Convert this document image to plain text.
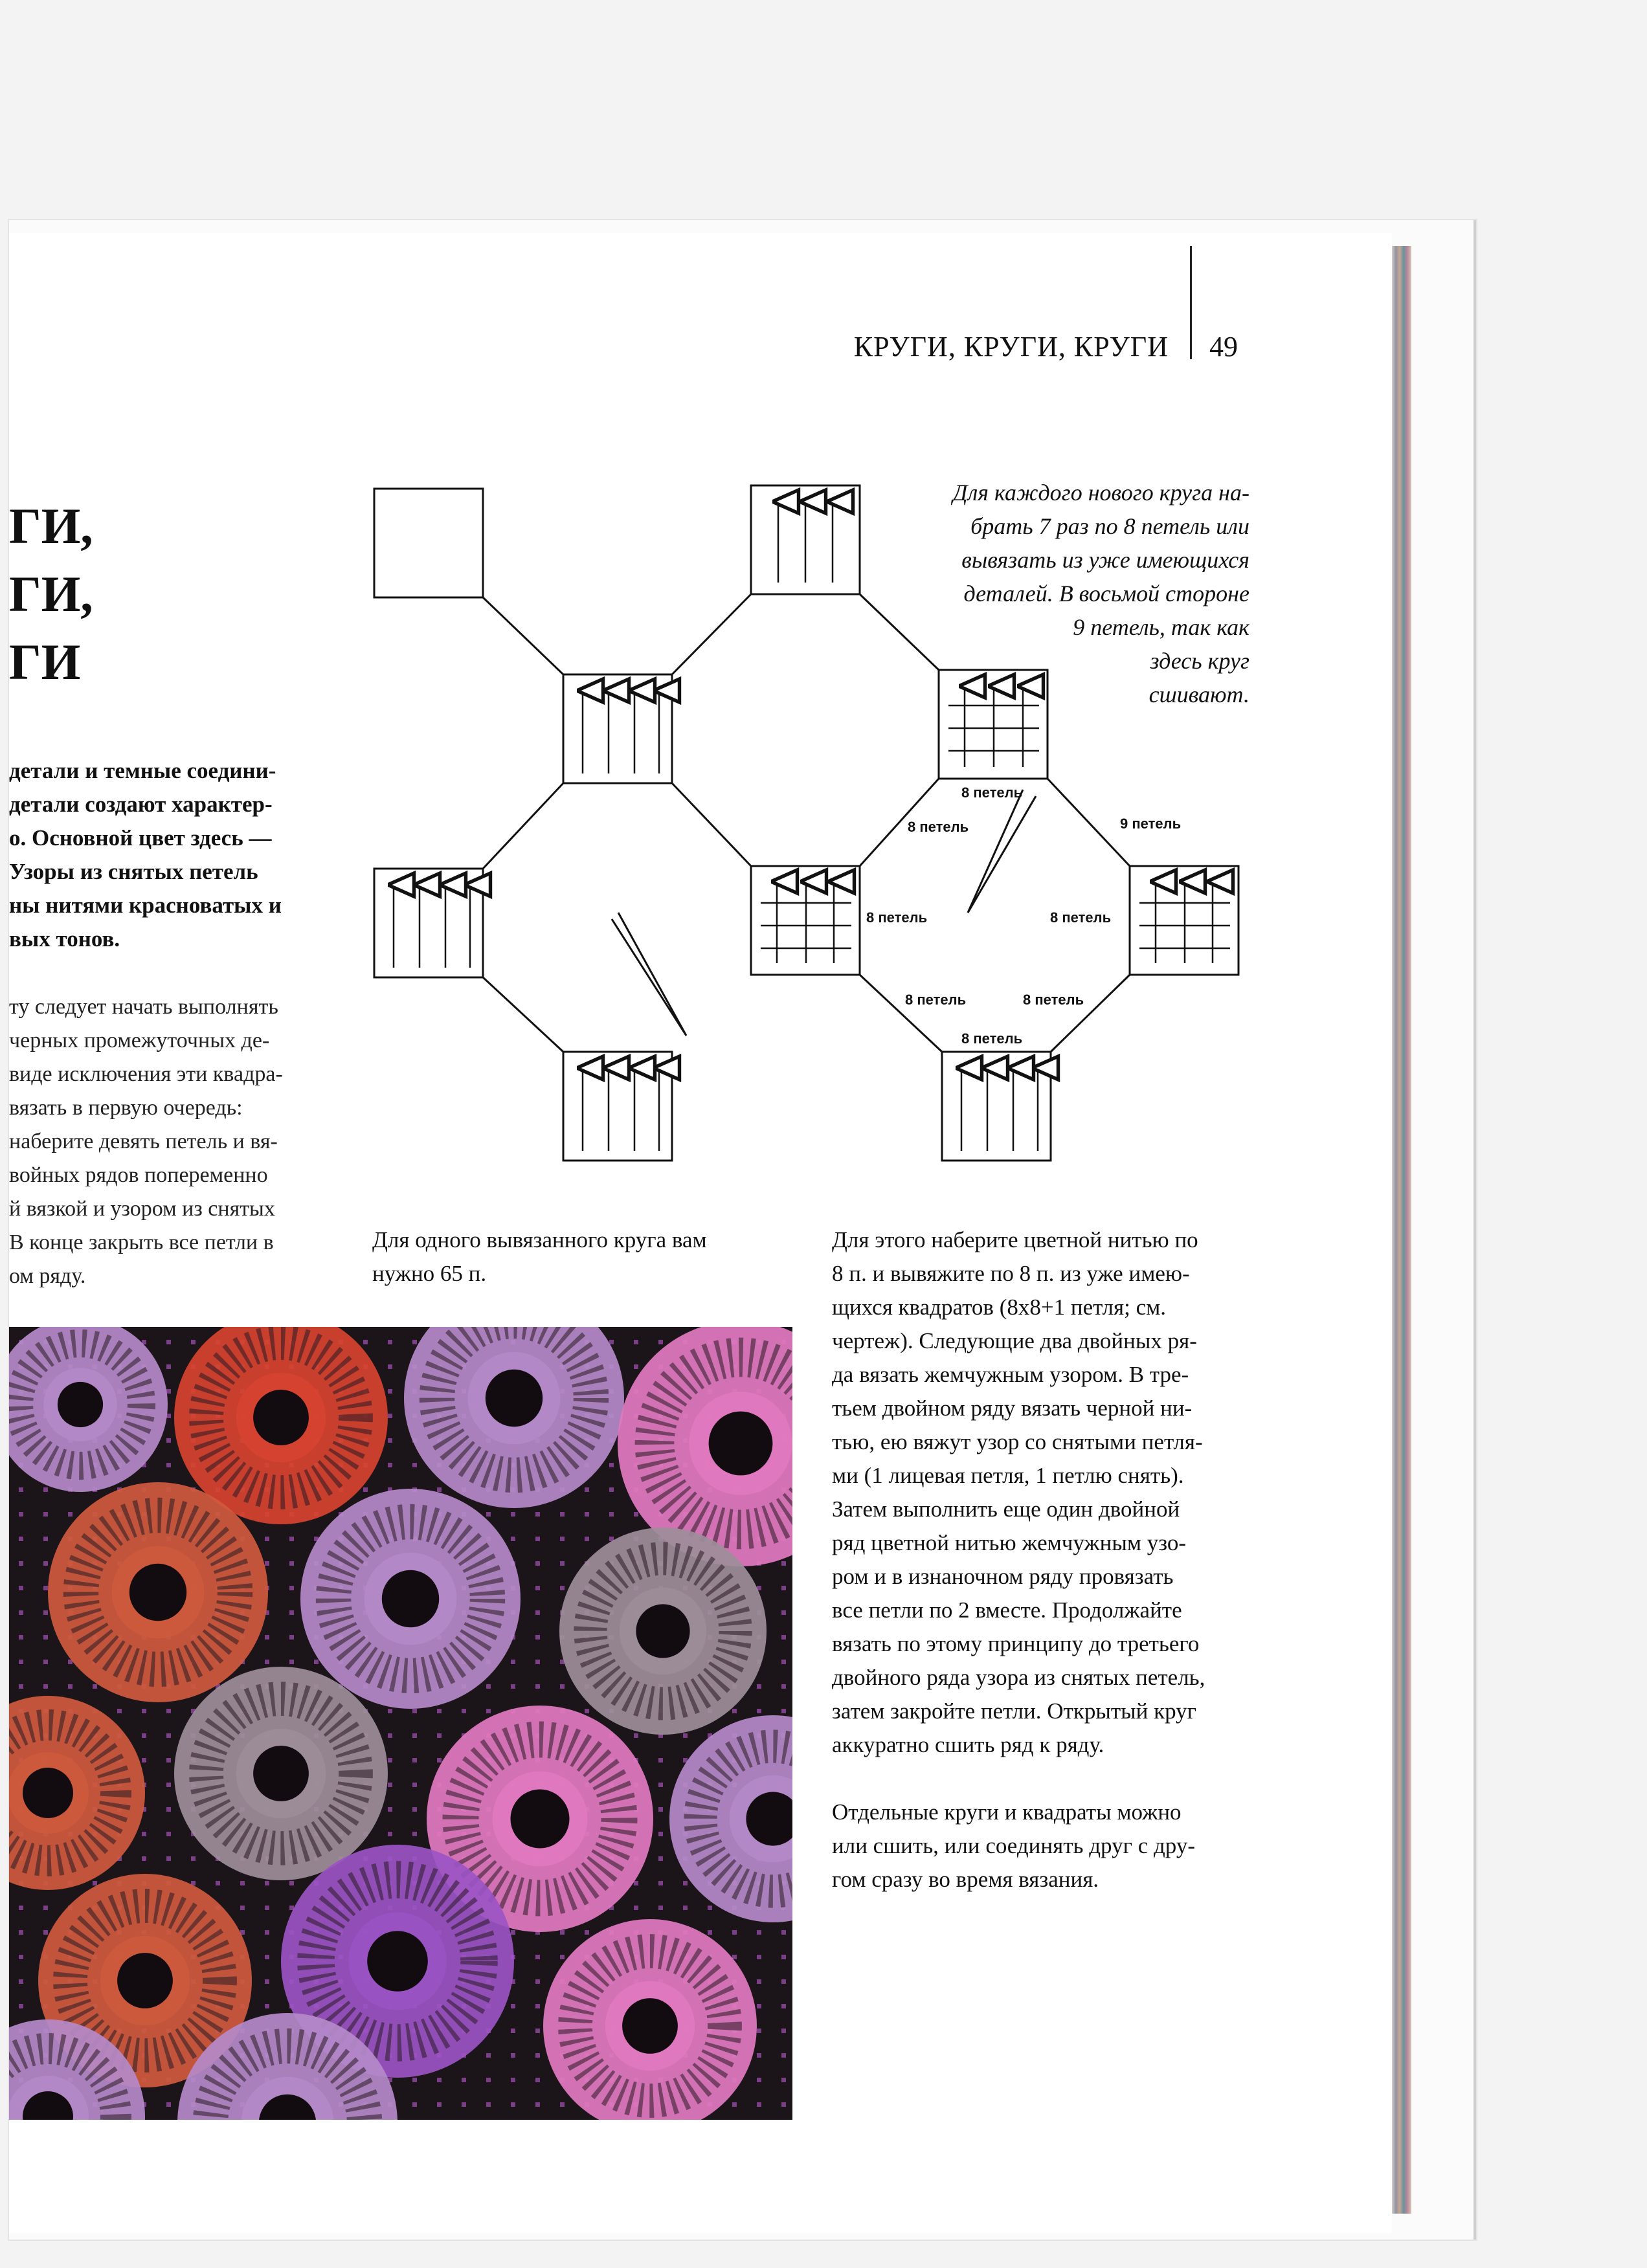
КРУГИ, КРУГИ, КРУГИ 49
ГИ,
ГИ,
ГИ
детали и темные соедини-
детали создают характер-
о. Основной цвет здесь —
Узоры из снятых петель
ны нитями красноватых и
вых тонов.
ту следует начать выполнять
черных промежуточных де-
виде исключения эти квадра-
вязать в первую очередь:
наберите девять петель и вя-
войных рядов попеременно
й вязкой и узором из снятых
В конце закрыть все петли в
ом ряду.
Для каждого нового круга на-
брать 7 раз по 8 петель или
вывязать из уже имеющихся
деталей. В восьмой стороне
9 петель, так как
здесь круг
сшивают.
8 петель
8 петель	9 петель
8 петель	8 петель
8 петель	8 петель
8 петель
Для одного вывязанного круга вам
нужно 65 п.
Для этого наберите цветной нитью по
8 п. и вывяжите по 8 п. из уже имею-
щихся квадратов (8х8+1 петля; см.
чертеж). Следующие два двойных ря-
да вязать жемчужным узором. В тре-
тьем двойном ряду вязать черной ни-
тью, ею вяжут узор со снятыми петля-
ми (1 лицевая петля, 1 петлю снять).
Затем выполнить еще один двойной
ряд цветной нитью жемчужным узо-
ром и в изнаночном ряду провязать
все петли по 2 вместе. Продолжайте
вязать по этому принципу до третьего
двойного ряда узора из снятых петель,
затем закройте петли. Открытый круг
аккуратно сшить ряд к ряду.
Отдельные круги и квадраты можно
или сшить, или соединять друг с дру-
гом сразу во время вязания.
